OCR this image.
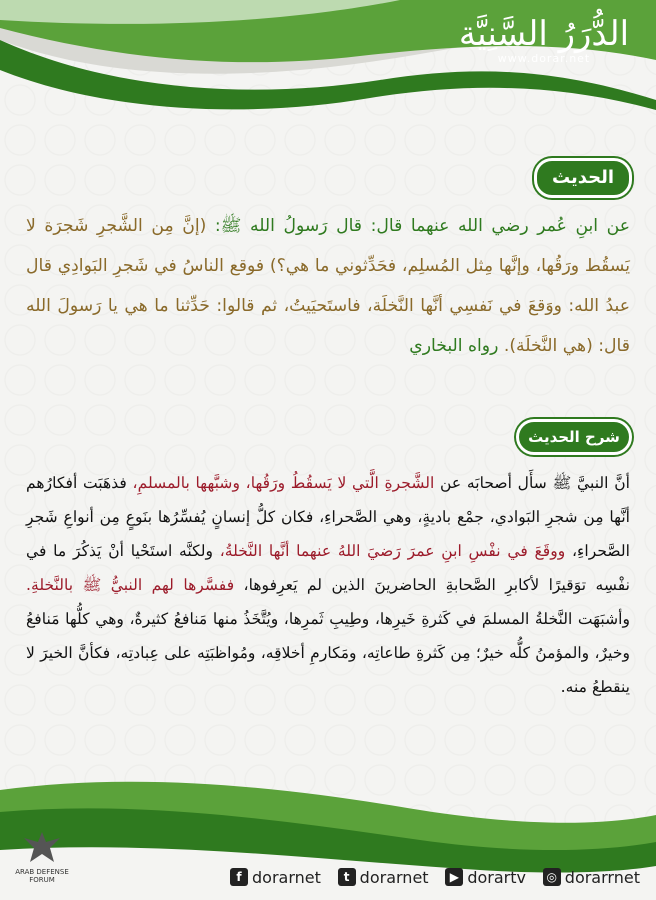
الدُّرَرُ السَّنِيَّة
www.dorar.net
الحديث
عن ابنِ عُمر رضي الله عنهما قال: قال رَسولُ الله ﷺ: (إنَّ مِن الشَّجرِ شَجرَة لا يَسقُط ورَقُها، وإنَّها مِثل المُسلِم، فحَدِّثوني ما هي؟) فوقع الناسُ في شَجرِ البَوادِي قال عبدُ الله: ووَقعَ في نَفسِي أنَّها النَّخلَة، فاستَحيَيتُ، ثم قالوا: حَدِّثنا ما هي يا رَسولَ الله قال: (هي النَّخلَة). رواه البخاري
شرح الحديث
أنَّ النبيَّ ﷺ سأَل أصحابَه عن الشَّجرةِ الَّتي لا يَسقُطُ ورَقُها، وشبَّهها بالمسلمِ، فذهَبَت أفكارُهم أنَّها مِن شجرِ البَوادي، جمْع باديةٍ، وهي الصَّحراءِ، فكان كلُّ إنسانٍ يُفسِّرُها بنَوعٍ مِن أنواعِ شَجرِ الصَّحراءِ، ووقَعَ في نفْسِ ابنِ عمرَ رَضيَ اللهُ عنهما أنَّها النَّخلةُ، ولكنَّه استَحْيا أنْ يَذكُرَ ما في نفْسِه توَقيرًا لأكابرِ الصَّحابةِ الحاضرينَ الذين لم يَعرِفوها، ففسَّرها لهم النبيُّ ﷺ بالنَّخلةِ. وأشبَهَت النَّخلةُ المسلمَ في كَثرةِ خَيرِها، وطِيبِ ثَمرِها، ويُتَّخَذُ منها مَنافعُ كثيرةٌ، وهي كلُّها مَنافعُ وخيرٌ، والمؤمنُ كلُّه خيرٌ؛ مِن كَثرةِ طاعاتِه، ومَكارمِ أخلاقِه، ومُواظبَتِه على عِبادتِه، فكأنَّ الخيرَ لا ينقطعُ منه.
ARAB DEFENSE FORUM	f dorarnet	t dorarnet	▶ dorartv	◎ dorarrnet
